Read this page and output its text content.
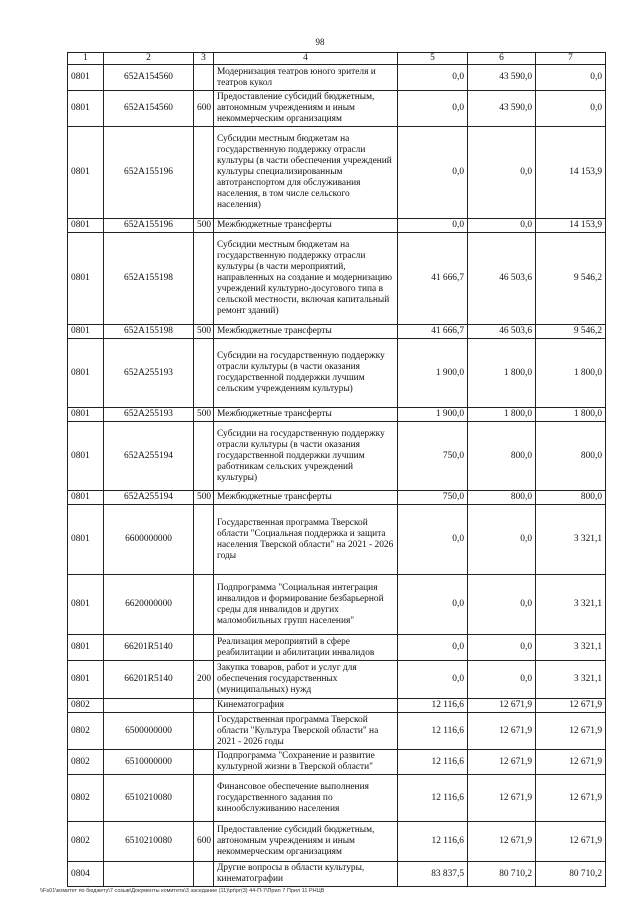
98
1	2	3	4	5	6	7
0801	652A154560		Модернизация театров юного зрителя и театров кукол	0,0	43 590,0	0,0
0801	652A154560	600	Предоставление субсидий бюджетным, автономным учреждениям и иным некоммерческим организациям	0,0	43 590,0	0,0
0801	652A155196		Субсидии местным бюджетам на государственную поддержку отрасли культуры (в части обеспечения учреждений культуры специализированным автотранспортом для обслуживания населения, в том числе сельского населения)	0,0	0,0	14 153,9
0801	652A155196	500	Межбюджетные трансферты	0,0	0,0	14 153,9
0801	652A155198		Субсидии местным бюджетам на государственную поддержку отрасли культуры (в части мероприятий, направленных на создание и модернизацию учреждений культурно-досугового типа в сельской местности, включая капитальный ремонт зданий)	41 666,7	46 503,6	9 546,2
0801	652A155198	500	Межбюджетные трансферты	41 666,7	46 503,6	9 546,2
0801	652A255193		Субсидии на государственную поддержку отрасли культуры (в части оказания государственной поддержки лучшим сельским учреждениям культуры)	1 900,0	1 800,0	1 800,0
0801	652A255193	500	Межбюджетные трансферты	1 900,0	1 800,0	1 800,0
0801	652A255194		Субсидии на государственную поддержку отрасли культуры (в части оказания государственной поддержки лучшим работникам сельских учреждений культуры)	750,0	800,0	800,0
0801	652A255194	500	Межбюджетные трансферты	750,0	800,0	800,0
0801	6600000000		Государственная программа Тверской области "Социальная поддержка и защита населения Тверской области" на 2021 - 2026 годы	0,0	0,0	3 321,1
0801	6620000000		Подпрограмма "Социальная интеграция инвалидов и формирование безбарьерной среды для инвалидов и других маломобильных групп населения"	0,0	0,0	3 321,1
0801	66201R5140		Реализация мероприятий в сфере реабилитации и абилитации инвалидов	0,0	0,0	3 321,1
0801	66201R5140	200	Закупка товаров, работ и услуг для обеспечения государственных (муниципальных) нужд	0,0	0,0	3 321,1
0802			Кинематография	12 116,6	12 671,9	12 671,9
0802	6500000000		Государственная программа Тверской области "Культура Тверской области" на 2021 - 2026 годы	12 116,6	12 671,9	12 671,9
0802	6510000000		Подпрограмма "Сохранение и развитие культурной жизни в Тверской области"	12 116,6	12 671,9	12 671,9
0802	6510210080		Финансовое обеспечение выполнения государственного задания по кинообслуживанию населения	12 116,6	12 671,9	12 671,9
0802	6510210080	600	Предоставление субсидий бюджетным, автономным учреждениям и иным некоммерческим организациям	12 116,6	12 671,9	12 671,9
0804			Другие вопросы в области культуры, кинематографии	83 837,5	80 710,2	80 710,2
\\Fs01\комитет по бюджету\7 созыв\Документы комитета\3 заседание (11)\pr\pr(3) 44-П-7\Прил 7 Прил 11 РНЦВ
